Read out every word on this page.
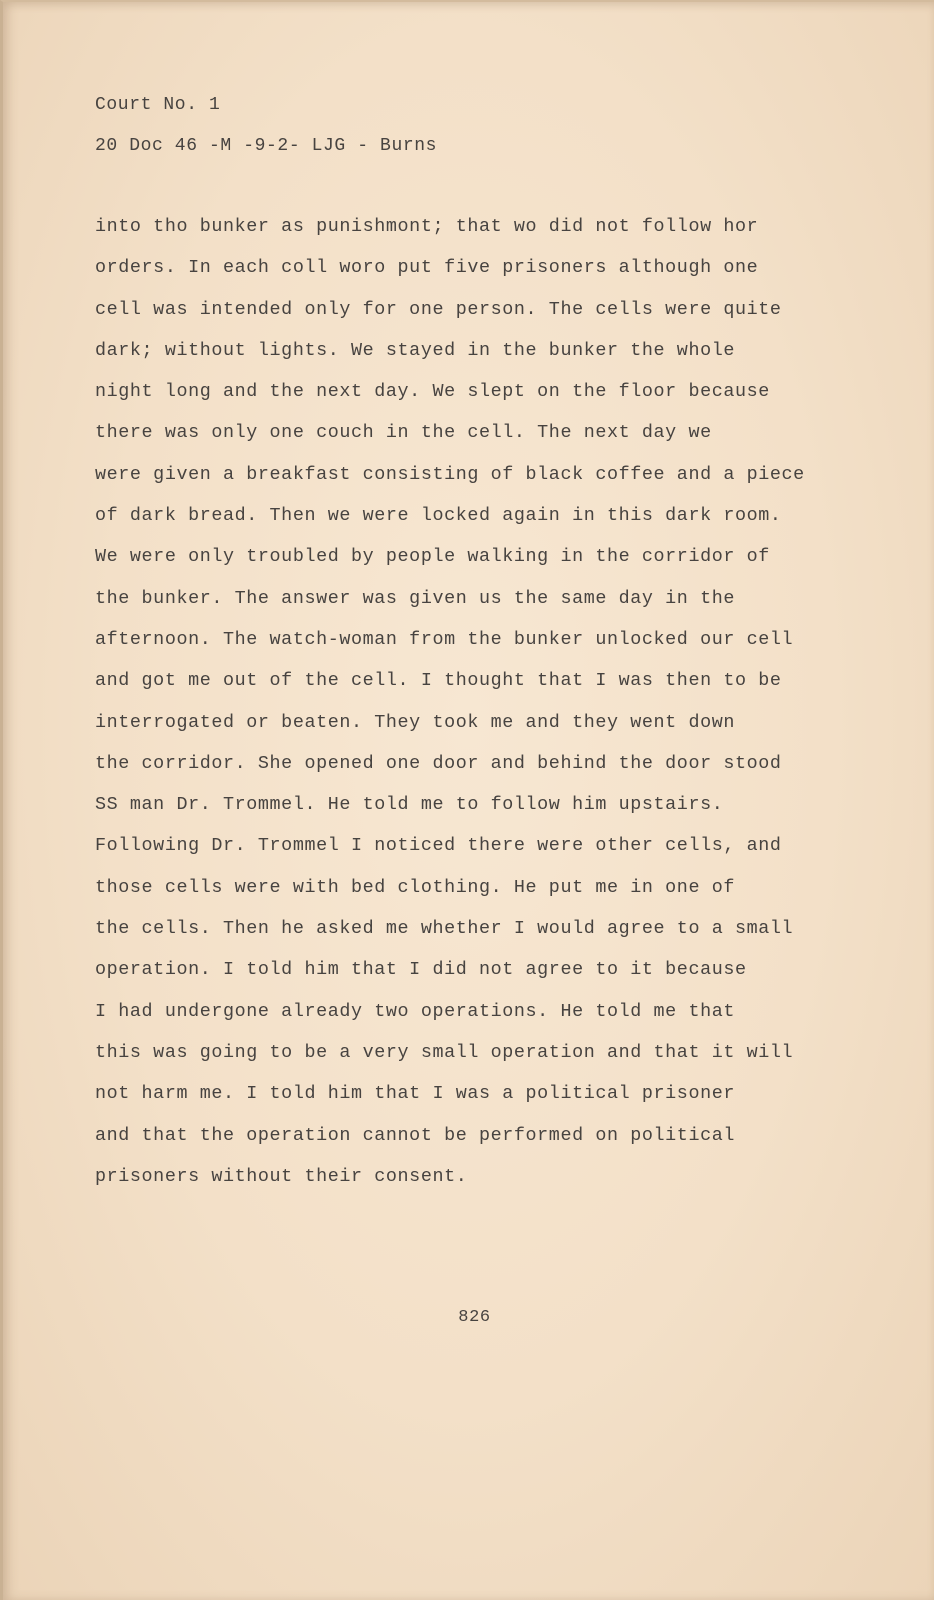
Court No. 1
20 Doc 46 -M -9-2- LJG - Burns
into tho bunker as punishmont; that wo did not follow hor
orders. In each coll woro put five prisoners although one
cell was intended only for one person. The cells were quite
dark; without lights. We stayed in the bunker the whole
night long and the next day. We slept on the floor because
there was only one couch in the cell. The next day we
were given a breakfast consisting of black coffee and a piece
of dark bread. Then we were locked again in this dark room.
We were only troubled by people walking in the corridor of
the bunker. The answer was given us the same day in the
afternoon. The watch-woman from the bunker unlocked our cell
and got me out of the cell. I thought that I was then to be
interrogated or beaten. They took me and they went down
the corridor. She opened one door and behind the door stood
SS man Dr. Trommel. He told me to follow him upstairs.
Following Dr. Trommel I noticed there were other cells, and
those cells were with bed clothing. He put me in one of
the cells. Then he asked me whether I would agree to a small
operation. I told him that I did not agree to it because
I had undergone already two operations. He told me that
this was going to be a very small operation and that it will
not harm me. I told him that I was a political prisoner
and that the operation cannot be performed on political
prisoners without their consent.
826
